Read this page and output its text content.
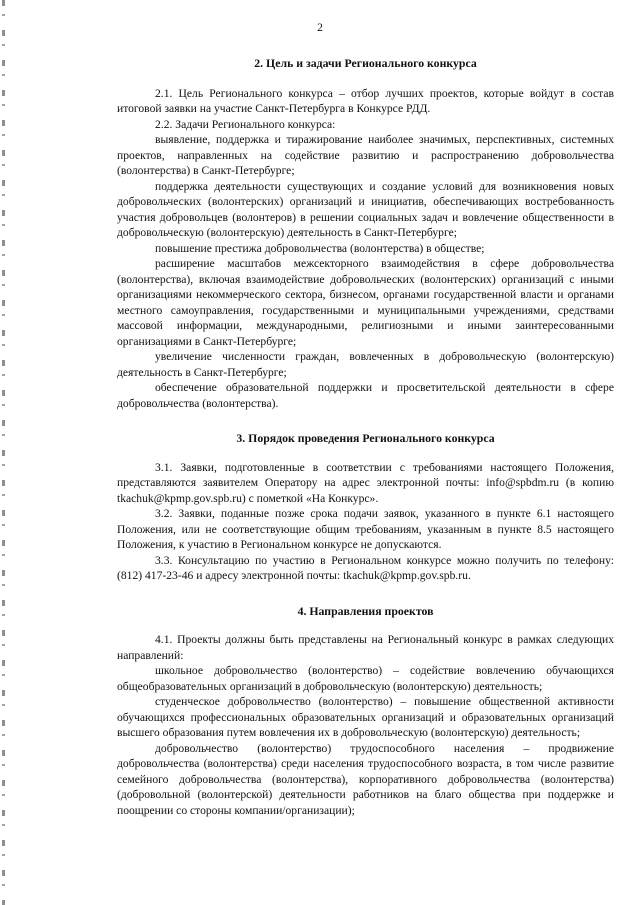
2

2. Цель и задачи Регионального конкурса

2.1. Цель Регионального конкурса – отбор лучших проектов, которые войдут в состав итоговой заявки на участие Санкт-Петербурга в Конкурсе РДД.

2.2. Задачи Регионального конкурса:

выявление, поддержка и тиражирование наиболее значимых, перспективных, системных проектов, направленных на содействие развитию и распространению добровольчества (волонтерства) в Санкт-Петербурге;

поддержка деятельности существующих и создание условий для возникновения новых добровольческих (волонтерских) организаций и инициатив, обеспечивающих востребованность участия добровольцев (волонтеров) в решении социальных задач и вовлечение общественности в добровольческую (волонтерскую) деятельность в Санкт-Петербурге;

повышение престижа добровольчества (волонтерства) в обществе;

расширение масштабов межсекторного взаимодействия в сфере добровольчества (волонтерства), включая взаимодействие добровольческих (волонтерских) организаций с иными организациями некоммерческого сектора, бизнесом, органами государственной власти и органами местного самоуправления, государственными и муниципальными учреждениями, средствами массовой информации, международными, религиозными и иными заинтересованными организациями в Санкт-Петербурге;

увеличение численности граждан, вовлеченных в добровольческую (волонтерскую) деятельность в Санкт-Петербурге;

обеспечение образовательной поддержки и просветительской деятельности в сфере добровольчества (волонтерства).

3. Порядок проведения Регионального конкурса

3.1. Заявки, подготовленные в соответствии с требованиями настоящего Положения, представляются заявителем Оператору на адрес электронной почты: info@spbdm.ru (в копию tkachuk@kpmp.gov.spb.ru) с пометкой «На Конкурс».

3.2. Заявки, поданные позже срока подачи заявок, указанного в пункте 6.1 настоящего Положения, или не соответствующие общим требованиям, указанным в пункте 8.5 настоящего Положения, к участию в Региональном конкурсе не допускаются.

3.3. Консультацию по участию в Региональном конкурсе можно получить по телефону: (812) 417-23-46 и адресу электронной почты: tkachuk@kpmp.gov.spb.ru.

4. Направления проектов

4.1. Проекты должны быть представлены на Региональный конкурс в рамках следующих направлений:

школьное добровольчество (волонтерство) – содействие вовлечению обучающихся общеобразовательных организаций в добровольческую (волонтерскую) деятельность;

студенческое добровольчество (волонтерство) – повышение общественной активности обучающихся профессиональных образовательных организаций и образовательных организаций высшего образования путем вовлечения их в добровольческую (волонтерскую) деятельность;

добровольчество (волонтерство) трудоспособного населения – продвижение добровольчества (волонтерства) среди населения трудоспособного возраста, в том числе развитие семейного добровольчества (волонтерства), корпоративного добровольчества (волонтерства) (добровольной (волонтерской) деятельности работников на благо общества при поддержке и поощрении со стороны компании/организации);
